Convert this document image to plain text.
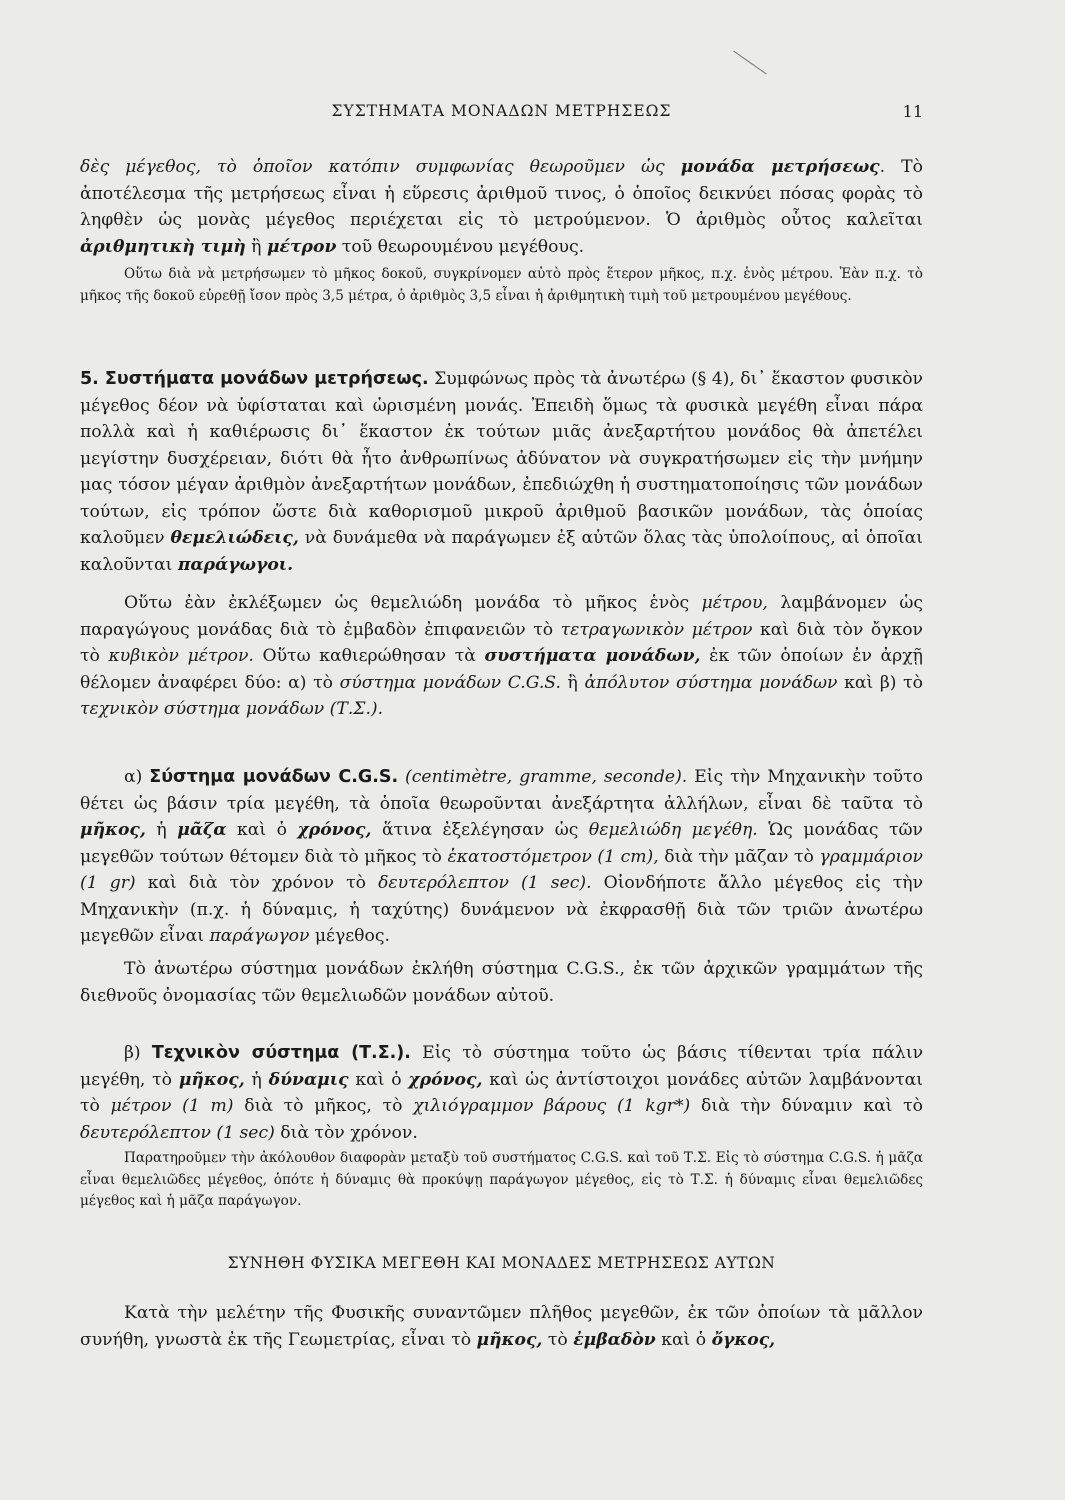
ΣΥΣΤΗΜΑΤΑ ΜΟΝΑΔΩΝ ΜΕΤΡΗΣΕΩΣ	11

δὲς μέγεθος, τὸ ὁποῖον κατόπιν συμφωνίας θεωροῦμεν ὡς μονάδα μετρήσεως. Τὸ ἀποτέλεσμα τῆς μετρήσεως εἶναι ἡ εὕρεσις ἀριθμοῦ τινος, ὁ ὁποῖος δεικνύει πόσας φορὰς τὸ ληφθὲν ὡς μονὰς μέγεθος περιέχεται εἰς τὸ μετρούμενον. Ὁ ἀριθμὸς οὗτος καλεῖται ἀριθμητικὴ τιμὴ ἢ μέτρον τοῦ θεωρουμένου μεγέθους.

Οὕτω διὰ νὰ μετρήσωμεν τὸ μῆκος δοκοῦ, συγκρίνομεν αὐτὸ πρὸς ἕτερον μῆκος, π.χ. ἑνὸς μέτρου. Ἐὰν π.χ. τὸ μῆκος τῆς δοκοῦ εὑρεθῇ ἴσον πρὸς 3,5 μέτρα, ὁ ἀριθμὸς 3,5 εἶναι ἡ ἀριθμητικὴ τιμὴ τοῦ μετρουμένου μεγέθους.

5. Συστήματα μονάδων μετρήσεως. Συμφώνως πρὸς τὰ ἀνωτέρω (§ 4), δι᾽ ἕκαστον φυσικὸν μέγεθος δέον νὰ ὑφίσταται καὶ ὡρισμένη μονάς. Ἐπειδὴ ὅμως τὰ φυσικὰ μεγέθη εἶναι πάρα πολλὰ καὶ ἡ καθιέρωσις δι᾽ ἕκαστον ἐκ τούτων μιᾶς ἀνεξαρτήτου μονάδος θὰ ἀπετέλει μεγίστην δυσχέρειαν, διότι θὰ ἦτο ἀνθρωπίνως ἀδύνατον νὰ συγκρατήσωμεν εἰς τὴν μνήμην μας τόσον μέγαν ἀριθμὸν ἀνεξαρτήτων μονάδων, ἐπεδιώχθη ἡ συστηματοποίησις τῶν μονάδων τούτων, εἰς τρόπον ὥστε διὰ καθορισμοῦ μικροῦ ἀριθμοῦ βασικῶν μονάδων, τὰς ὁποίας καλοῦμεν θεμελιώδεις, νὰ δυνάμεθα νὰ παράγωμεν ἐξ αὐτῶν ὅλας τὰς ὑπολοίπους, αἱ ὁποῖαι καλοῦνται παράγωγοι.

Οὕτω ἐὰν ἐκλέξωμεν ὡς θεμελιώδη μονάδα τὸ μῆκος ἑνὸς μέτρου, λαμβάνομεν ὡς παραγώγους μονάδας διὰ τὸ ἐμβαδὸν ἐπιφανειῶν τὸ τετραγωνικὸν μέτρον καὶ διὰ τὸν ὄγκον τὸ κυβικὸν μέτρον. Οὕτω καθιερώθησαν τὰ συστήματα μονάδων, ἐκ τῶν ὁποίων ἐν ἀρχῇ θέλομεν ἀναφέρει δύο: α) τὸ σύστημα μονάδων C.G.S. ἢ ἀπόλυτον σύστημα μονάδων καὶ β) τὸ τεχνικὸν σύστημα μονάδων (Τ.Σ.).

α) Σύστημα μονάδων C.G.S. (centimètre, gramme, seconde). Εἰς τὴν Μηχανικὴν τοῦτο θέτει ὡς βάσιν τρία μεγέθη, τὰ ὁποῖα θεωροῦνται ἀνεξάρτητα ἀλλήλων, εἶναι δὲ ταῦτα τὸ μῆκος, ἡ μᾶζα καὶ ὁ χρόνος, ἅτινα ἐξελέγησαν ὡς θεμελιώδη μεγέθη. Ὡς μονάδας τῶν μεγεθῶν τούτων θέτομεν διὰ τὸ μῆκος τὸ ἑκατοστόμετρον (1 cm), διὰ τὴν μᾶζαν τὸ γραμμάριον (1 gr) καὶ διὰ τὸν χρόνον τὸ δευτερόλεπτον (1 sec). Οἱονδήποτε ἄλλο μέγεθος εἰς τὴν Μηχανικὴν (π.χ. ἡ δύναμις, ἡ ταχύτης) δυνάμενον νὰ ἐκφρασθῇ διὰ τῶν τριῶν ἀνωτέρω μεγεθῶν εἶναι παράγωγον μέγεθος.

Τὸ ἀνωτέρω σύστημα μονάδων ἐκλήθη σύστημα C.G.S., ἐκ τῶν ἀρχικῶν γραμμάτων τῆς διεθνοῦς ὀνομασίας τῶν θεμελιωδῶν μονάδων αὐτοῦ.

β) Τεχνικὸν σύστημα (Τ.Σ.). Εἰς τὸ σύστημα τοῦτο ὡς βάσις τίθενται τρία πάλιν μεγέθη, τὸ μῆκος, ἡ δύναμις καὶ ὁ χρόνος, καὶ ὡς ἀντίστοιχοι μονάδες αὐτῶν λαμβάνονται τὸ μέτρον (1 m) διὰ τὸ μῆκος, τὸ χιλιόγραμμον βάρους (1 kgr*) διὰ τὴν δύναμιν καὶ τὸ δευτερόλεπτον (1 sec) διὰ τὸν χρόνον.

Παρατηροῦμεν τὴν ἀκόλουθον διαφορὰν μεταξὺ τοῦ συστήματος C.G.S. καὶ τοῦ Τ.Σ. Εἰς τὸ σύστημα C.G.S. ἡ μᾶζα εἶναι θεμελιῶδες μέγεθος, ὁπότε ἡ δύναμις θὰ προκύψῃ παράγωγον μέγεθος, εἰς τὸ Τ.Σ. ἡ δύναμις εἶναι θεμελιῶδες μέγεθος καὶ ἡ μᾶζα παράγωγον.

ΣΥΝΗΘΗ ΦΥΣΙΚΑ ΜΕΓΕΘΗ ΚΑΙ ΜΟΝΑΔΕΣ ΜΕΤΡΗΣΕΩΣ ΑΥΤΩΝ

Κατὰ τὴν μελέτην τῆς Φυσικῆς συναντῶμεν πλῆθος μεγεθῶν, ἐκ τῶν ὁποίων τὰ μᾶλλον συνήθη, γνωστὰ ἐκ τῆς Γεωμετρίας, εἶναι τὸ μῆκος, τὸ ἐμβαδὸν καὶ ὁ ὄγκος,
